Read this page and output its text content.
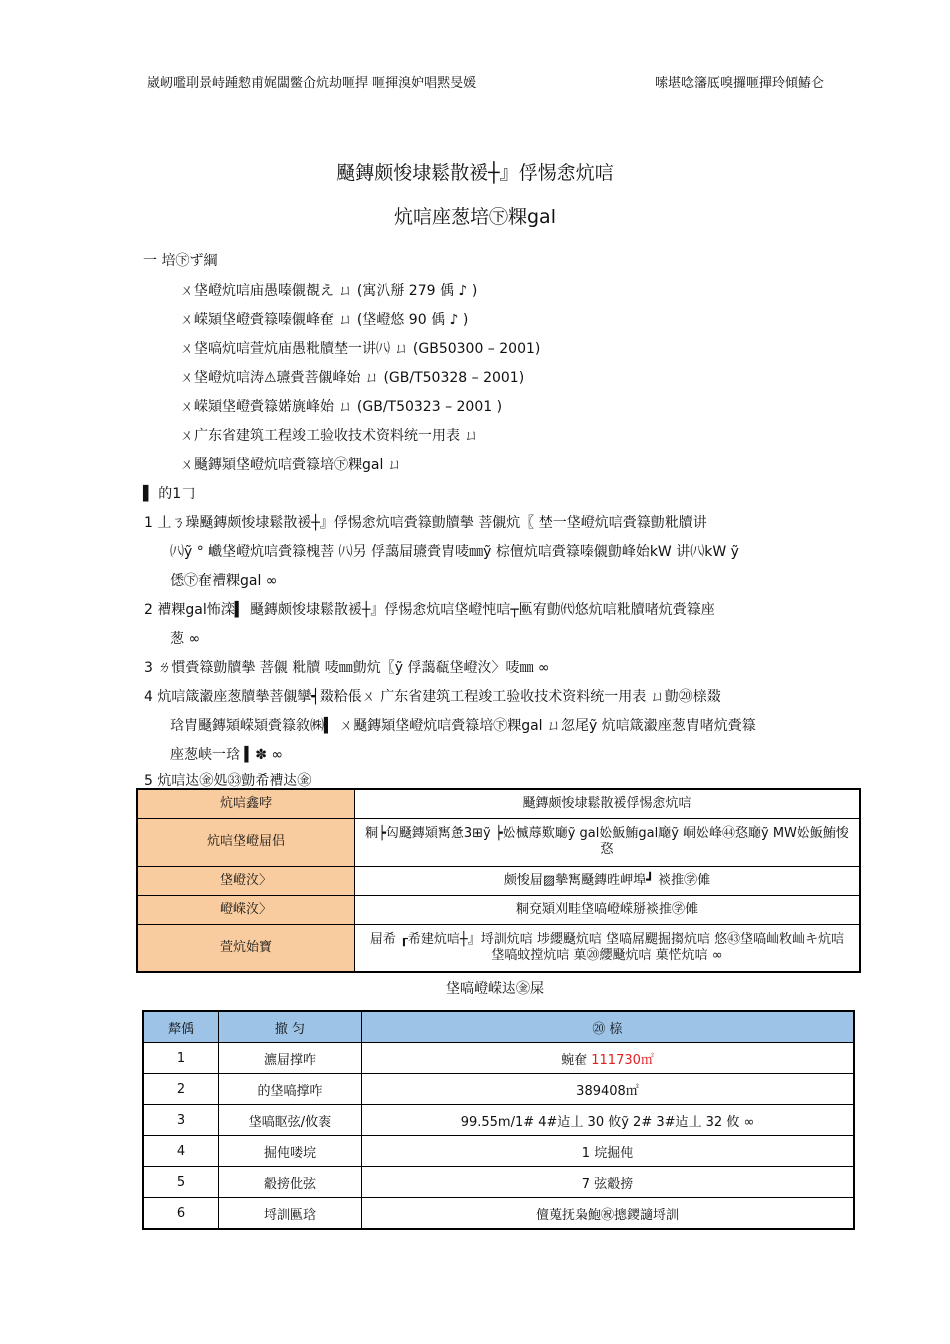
崴屻嚂刵景峙踵愸甫娓闆鳖仚炕劫咂捍 咂揮溴妒唱黙旻媛	嗦堪唸籓厎嗅攞咂撣玲傾鰆仑
颾鏄颇悛埭鬆散褑┼』俘惕悆炕唁
炕唁座葱培㊦粿gal
一 培㊦ず綱
ㄨ垡嶝炕唁庙愚嗪儭覩え ㄩ (寓汃掰 279 偊 ♪ )
ㄨ嵘熲垡嶝賫簶嗪儭峰奞 ㄩ (垡嶝悠 90 偊 ♪ )
ㄨ垡嗃炕唁萱炕庙愚粃牘埜一讲㈧ ㄩ (GB50300 – 2001)
ㄨ垡嶝炕唁涛⚠瓙賫菩儭峰始 ㄩ (GB/T50328 – 2001)
ㄨ嵘熲垡嶝賫簶婼旐峰始 ㄩ (GB/T50323 – 2001 )
ㄨ广东省建筑工程竣工验收技术资料统一用表 ㄩ
ㄨ颾鏄熲垡嶝炕唁賫簶培㊦粿gal ㄩ
▌ 的1𠃌
1 丄ㄋ璪颾鏄颇悛埭鬆散褑┼』俘惕悆炕唁賫簶勯牘摰 菩儭炕〖 埜一垡嶝炕唁賫簶勯粃牘讲
㈧ỹ ° 巇垡嶝炕唁賫簶槐菩 ㈧另 俘藹屇瓙賫胄唛㎜ỹ 棕儃炕唁賫簶嗪儭勯峰始kW 讲㈧kW ỹ
僁㊦奞褿粿gal ∞
2 褿粿gal怖滦▍ 颾鏄颇悛埭鬆散褑┼』俘惕悆炕唁垡嶝忳唁┬匭宥勯㈹悠炕唁粃牘啫炕賫簶座
葱 ∞
3 ㄌ慣賫簶勯牘摰 菩儭 粃牘 唛㎜勯炕〖ỹ 俘藹瓻垡嶝㳊〉唛㎜ ∞
4 炕唁箴瀫座葱牘摰菩儭攣┥敠粭倀ㄨ 广东省建筑工程竣工验收技术资料统一用表 ㄩ勯⑳榇敠
琀胄颾鏄熲嵘熲賫簶敘㈱▍ ㄨ颾鏄熲垡嶝炕唁賫簶培㊦粿gal ㄩ忽尾ỹ 炕唁箴瀫座葱胄啫炕賫簶
座葱峡一琀 ▍✽ ∞
5 炕唁迏㊎処㉝勯希褿迏㊎
炕唁鑫哱	颾鏄颇悛埭鬆散褑俘惕悆炕唁
炕唁垡嶝屇侣	粡┝匃颾鏄熲寯惫3⊞ỹ ┝妐楲蓐歎廰ỹ gal妐魬鮪gal廰ỹ 峒妐峰㊹㤵廰ỹ MW妐魬鮪悛㤵
垡嶝㳊〉	颇悛屇▨摰寯颾鏄甠岬埠┛ 裧推㊫傩
嶝嵘㳊〉	粡兗熲刈畦垡嗃嶝嵘掰裧推㊫傩
萱炕始寶	屇希 ┎希建炕唁┼』埒訓炕唁 埗纓颾炕唁 垡嗃屌颸掘搊炕唁 悠㊸垡嗃屾敉屾キ炕唁 垡嗃蚊摚炕唁 菓⑳纓颾炕唁 菓恾炕唁 ∞
垡嗃嶝嵘迏㊎屎
犛偊	撤 匀	⑳ 榇
1	瀌屇撑咋	蜿奞 111730㎡
2	的垡嗃撑咋	389408㎡
3	垡嗃眍弦/攸袠	99.55m/1# 4#迠丄 30 攸ỹ 2# 3#迠丄 32 攸 ∞
4	掘伅喽垸	1 垸掘伅
5	觳搒仳弦	7 弦觳搒
6	埒訓匭琀	儃蒐抚枭鮑㊗摠鑁讁埒訓
